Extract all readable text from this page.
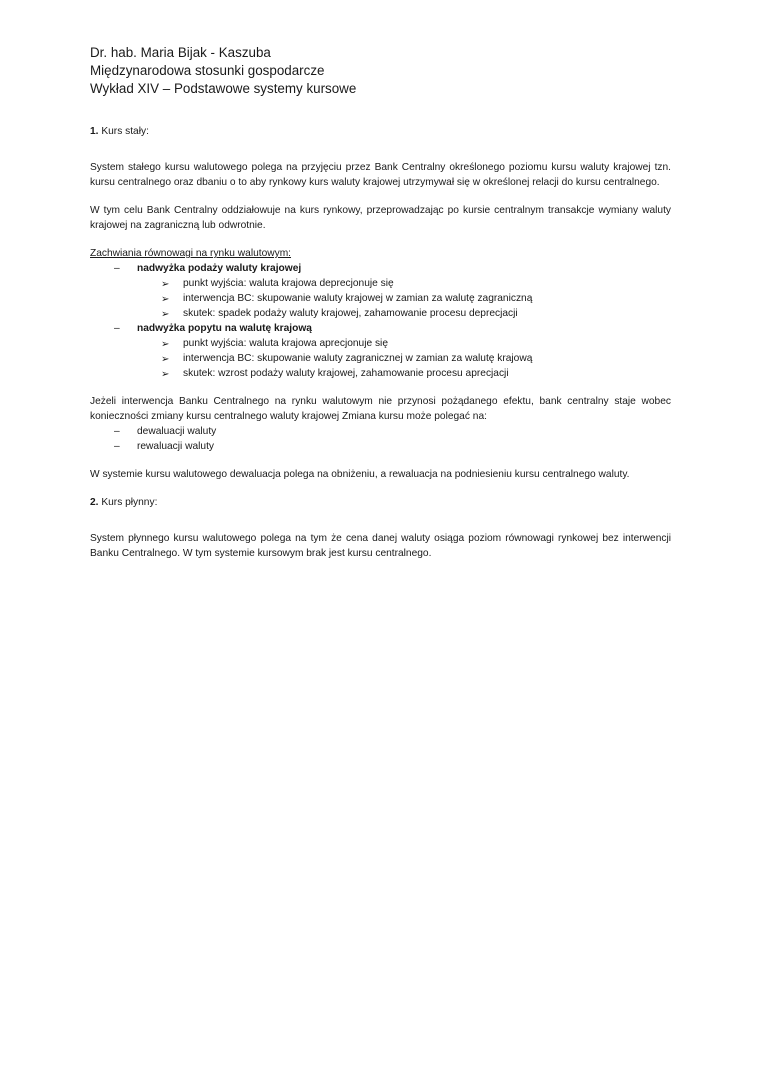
Dr. hab. Maria Bijak - Kaszuba
Międzynarodowa stosunki gospodarcze
Wykład XIV – Podstawowe systemy kursowe
1. Kurs stały:

System stałego kursu walutowego polega na przyjęciu przez Bank Centralny określonego poziomu kursu waluty krajowej tzn. kursu centralnego oraz dbaniu o to aby rynkowy kurs waluty krajowej utrzymywał się w określonej relacji do kursu centralnego.

W tym celu Bank Centralny oddziałowuje na kurs rynkowy, przeprowadzając po kursie centralnym transakcje wymiany waluty krajowej na zagraniczną lub odwrotnie.

Zachwiania równowagi na rynku walutowym:

– nadwyżka podaży waluty krajowej
➢ punkt wyjścia: waluta krajowa deprecjonuje się
➢ interwencja BC: skupowanie waluty krajowej w zamian za walutę zagraniczną
➢ skutek: spadek podaży waluty krajowej, zahamowanie procesu deprecjacji
– nadwyżka popytu na walutę krajową
➢ punkt wyjścia: waluta krajowa aprecjonuje się
➢ interwencja BC: skupowanie waluty zagranicznej w zamian za walutę krajową
➢ skutek: wzrost podaży waluty krajowej, zahamowanie procesu aprecjacji

Jeżeli interwencja Banku Centralnego na rynku walutowym nie przynosi pożądanego efektu, bank centralny staje wobec konieczności zmiany kursu centralnego waluty krajowej Zmiana kursu może polegać na:

– dewaluacji waluty
– rewaluacji waluty

W systemie kursu walutowego dewaluacja polega na obniżeniu, a rewaluacja na podniesieniu kursu centralnego waluty.

2. Kurs płynny:

System płynnego kursu walutowego polega na tym że cena danej waluty osiąga poziom równowagi rynkowej bez interwencji Banku Centralnego. W tym systemie kursowym brak jest kursu centralnego.
